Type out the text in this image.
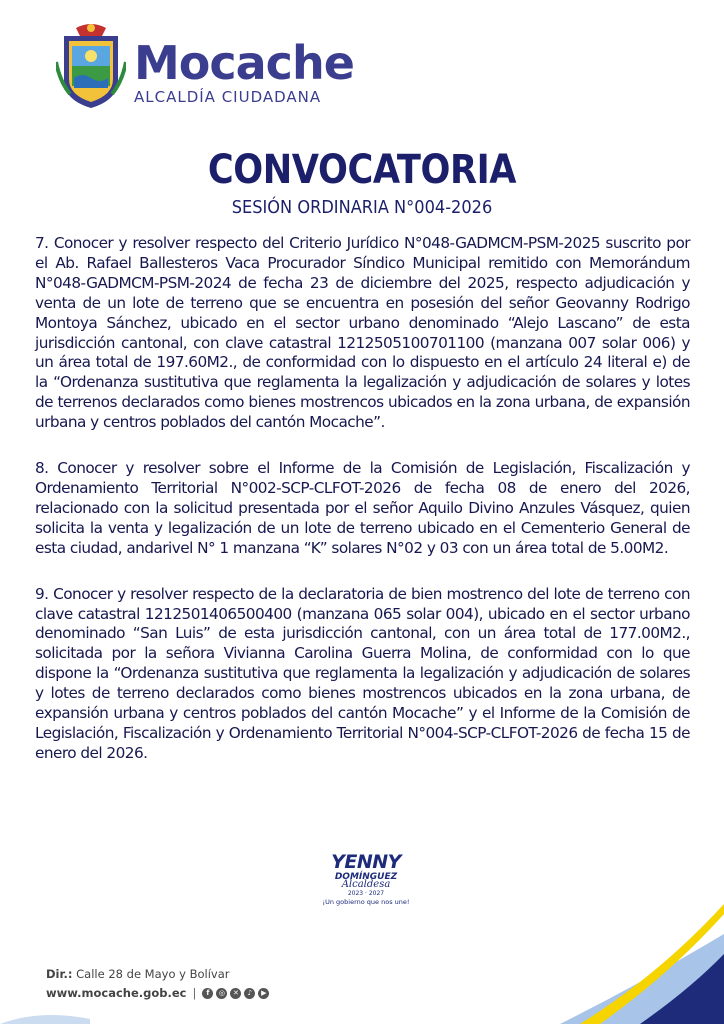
Mocache
ALCALDÍA CIUDADANA
CONVOCATORIA
SESIÓN ORDINARIA N°004-2026

7. Conocer y resolver respecto del Criterio Jurídico N°048-GADMCM-PSM-2025 suscrito por el Ab. Rafael Ballesteros Vaca Procurador Síndico Municipal remitido con Memorándum N°048-GADMCM-PSM-2024 de fecha 23 de diciembre del 2025, respecto adjudicación y venta de un lote de terreno que se encuentra en posesión del señor Geovanny Rodrigo Montoya Sánchez, ubicado en el sector urbano denominado “Alejo Lascano” de esta jurisdicción cantonal, con clave catastral 1212505100701100 (manzana 007 solar 006) y un área total de 197.60M2., de conformidad con lo dispuesto en el artículo 24 literal e) de la “Ordenanza sustitutiva que reglamenta la legalización y adjudicación de solares y lotes de terrenos declarados como bienes mostrencos ubicados en la zona urbana, de expansión urbana y centros poblados del cantón Mocache”.

8. Conocer y resolver sobre el Informe de la Comisión de Legislación, Fiscalización y Ordenamiento Territorial N°002-SCP-CLFOT-2026 de fecha 08 de enero del 2026, relacionado con la solicitud presentada por el señor Aquilo Divino Anzules Vásquez, quien solicita la venta y legalización de un lote de terreno ubicado en el Cementerio General de esta ciudad, andarivel N° 1 manzana “K” solares N°02 y 03 con un área total de 5.00M2.

9. Conocer y resolver respecto de la declaratoria de bien mostrenco del lote de terreno con clave catastral 1212501406500400 (manzana 065 solar 004), ubicado en el sector urbano denominado “San Luis” de esta jurisdicción cantonal, con un área total de 177.00M2., solicitada por la señora Vivianna Carolina Guerra Molina, de conformidad con lo que dispone la “Ordenanza sustitutiva que reglamenta la legalización y adjudicación de solares y lotes de terreno declarados como bienes mostrencos ubicados en la zona urbana, de expansión urbana y centros poblados del cantón Mocache” y el Informe de la Comisión de Legislación, Fiscalización y Ordenamiento Territorial N°004-SCP-CLFOT-2026 de fecha 15 de enero del 2026.

YENNY
DOMÍNGUEZ
Alcaldesa
2023 · 2027
¡Un gobierno que nos une!
Dir.: Calle 28 de Mayo y Bolívar
www.mocache.gob.ec |	f	◎	✕	♪	▶
